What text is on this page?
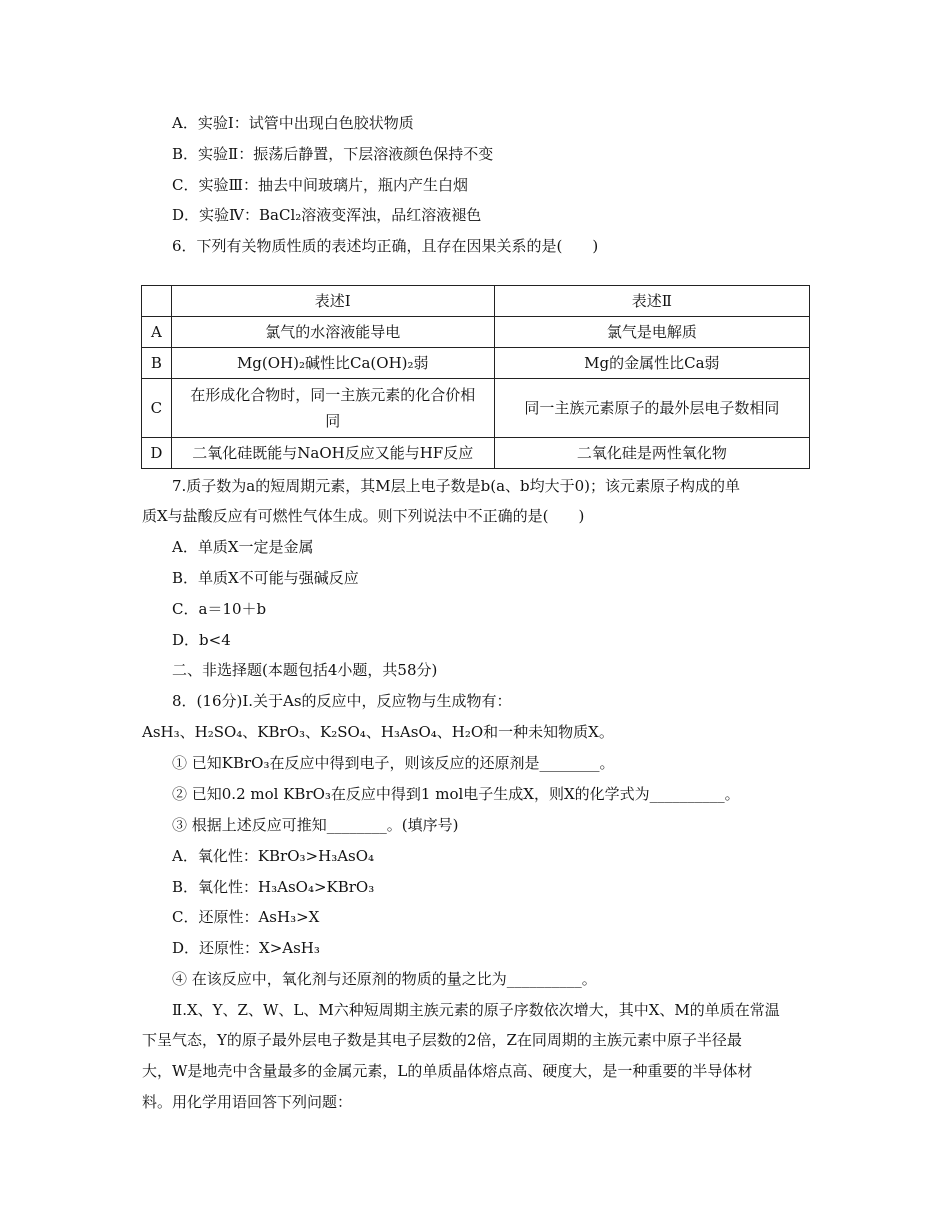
A．实验Ⅰ：试管中出现白色胶状物质
B．实验Ⅱ：振荡后静置，下层溶液颜色保持不变
C．实验Ⅲ：抽去中间玻璃片，瓶内产生白烟
D．实验Ⅳ：BaCl₂溶液变浑浊，品红溶液褪色
6．下列有关物质性质的表述均正确，且存在因果关系的是(　　)
	表述Ⅰ	表述Ⅱ
A	氯气的水溶液能导电	氯气是电解质
B	Mg(OH)₂碱性比Ca(OH)₂弱	Mg的金属性比Ca弱
C	在形成化合物时，同一主族元素的化合价相同	同一主族元素原子的最外层电子数相同
D	二氧化硅既能与NaOH反应又能与HF反应	二氧化硅是两性氧化物
7.质子数为a的短周期元素，其M层上电子数是b(a、b均大于0)；该元素原子构成的单
质X与盐酸反应有可燃性气体生成。则下列说法中不正确的是(　　)
A．单质X一定是金属
B．单质X不可能与强碱反应
C．a＝10＋b
D．b<4
二、非选择题(本题包括4小题，共58分)
8．(16分)Ⅰ.关于As的反应中，反应物与生成物有：
AsH₃、H₂SO₄、KBrO₃、K₂SO₄、H₃AsO₄、H₂O和一种未知物质X。
① 已知KBrO₃在反应中得到电子，则该反应的还原剂是________。
② 已知0.2 mol KBrO₃在反应中得到1 mol电子生成X，则X的化学式为__________。
③ 根据上述反应可推知________。(填序号)
A．氧化性：KBrO₃>H₃AsO₄
B．氧化性：H₃AsO₄>KBrO₃
C．还原性：AsH₃>X
D．还原性：X>AsH₃
④ 在该反应中，氧化剂与还原剂的物质的量之比为__________。
Ⅱ.X、Y、Z、W、L、M六种短周期主族元素的原子序数依次增大，其中X、M的单质在常温
下呈气态，Y的原子最外层电子数是其电子层数的2倍，Z在同周期的主族元素中原子半径最
大，W是地壳中含量最多的金属元素，L的单质晶体熔点高、硬度大，是一种重要的半导体材
料。用化学用语回答下列问题：
